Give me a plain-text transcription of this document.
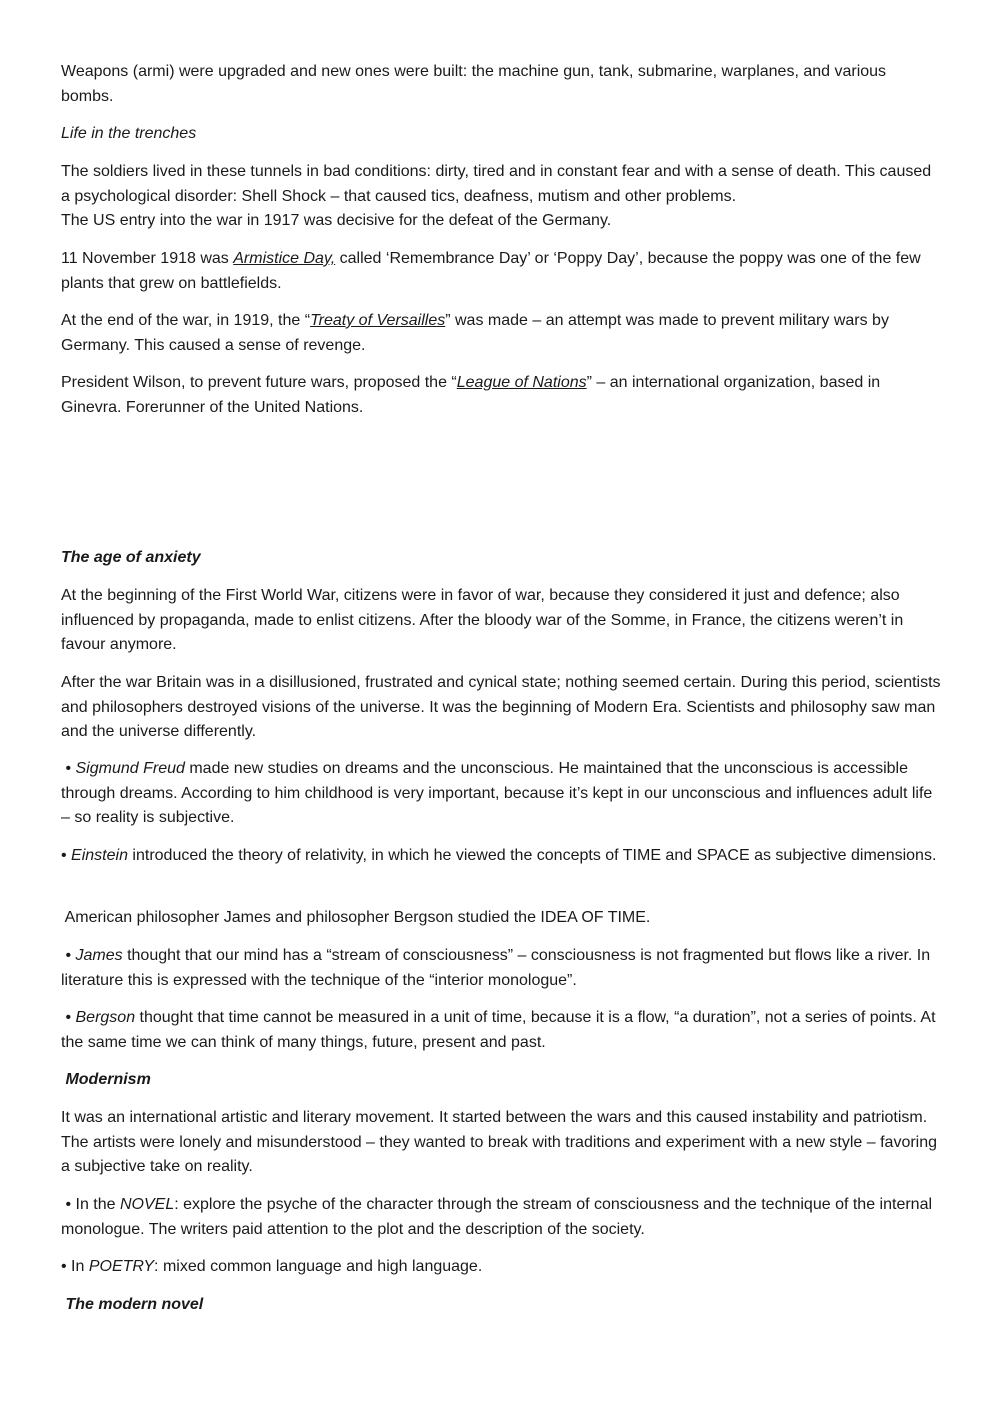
Weapons (armi) were upgraded and new ones were built: the machine gun, tank, submarine, warplanes, and various bombs.

Life in the trenches

The soldiers lived in these tunnels in bad conditions: dirty, tired and in constant fear and with a sense of death. This caused a psychological disorder: Shell Shock – that caused tics, deafness, mutism and other problems.
The US entry into the war in 1917 was decisive for the defeat of the Germany.

11 November 1918 was Armistice Day, called ‘Remembrance Day’ or ‘Poppy Day’, because the poppy was one of the few plants that grew on battlefields.

At the end of the war, in 1919, the “Treaty of Versailles” was made – an attempt was made to prevent military wars by Germany. This caused a sense of revenge.

President Wilson, to prevent future wars, proposed the “League of Nations” – an international organization, based in Ginevra. Forerunner of the United Nations.

The age of anxiety

At the beginning of the First World War, citizens were in favor of war, because they considered it just and defence; also influenced by propaganda, made to enlist citizens. After the bloody war of the Somme, in France, the citizens weren’t in favour anymore.

After the war Britain was in a disillusioned, frustrated and cynical state; nothing seemed certain. During this period, scientists and philosophers destroyed visions of the universe. It was the beginning of Modern Era. Scientists and philosophy saw man and the universe differently.

• Sigmund Freud made new studies on dreams and the unconscious. He maintained that the unconscious is accessible through dreams. According to him childhood is very important, because it’s kept in our unconscious and influences adult life – so reality is subjective.

• Einstein introduced the theory of relativity, in which he viewed the concepts of TIME and SPACE as subjective dimensions.

American philosopher James and philosopher Bergson studied the IDEA OF TIME.

• James thought that our mind has a “stream of consciousness” – consciousness is not fragmented but flows like a river. In literature this is expressed with the technique of the “interior monologue”.

• Bergson thought that time cannot be measured in a unit of time, because it is a flow, “a duration”, not a series of points. At the same time we can think of many things, future, present and past.

Modernism

It was an international artistic and literary movement. It started between the wars and this caused instability and patriotism. The artists were lonely and misunderstood – they wanted to break with traditions and experiment with a new style – favoring a subjective take on reality.

• In the NOVEL: explore the psyche of the character through the stream of consciousness and the technique of the internal monologue. The writers paid attention to the plot and the description of the society.

• In POETRY: mixed common language and high language.

The modern novel
